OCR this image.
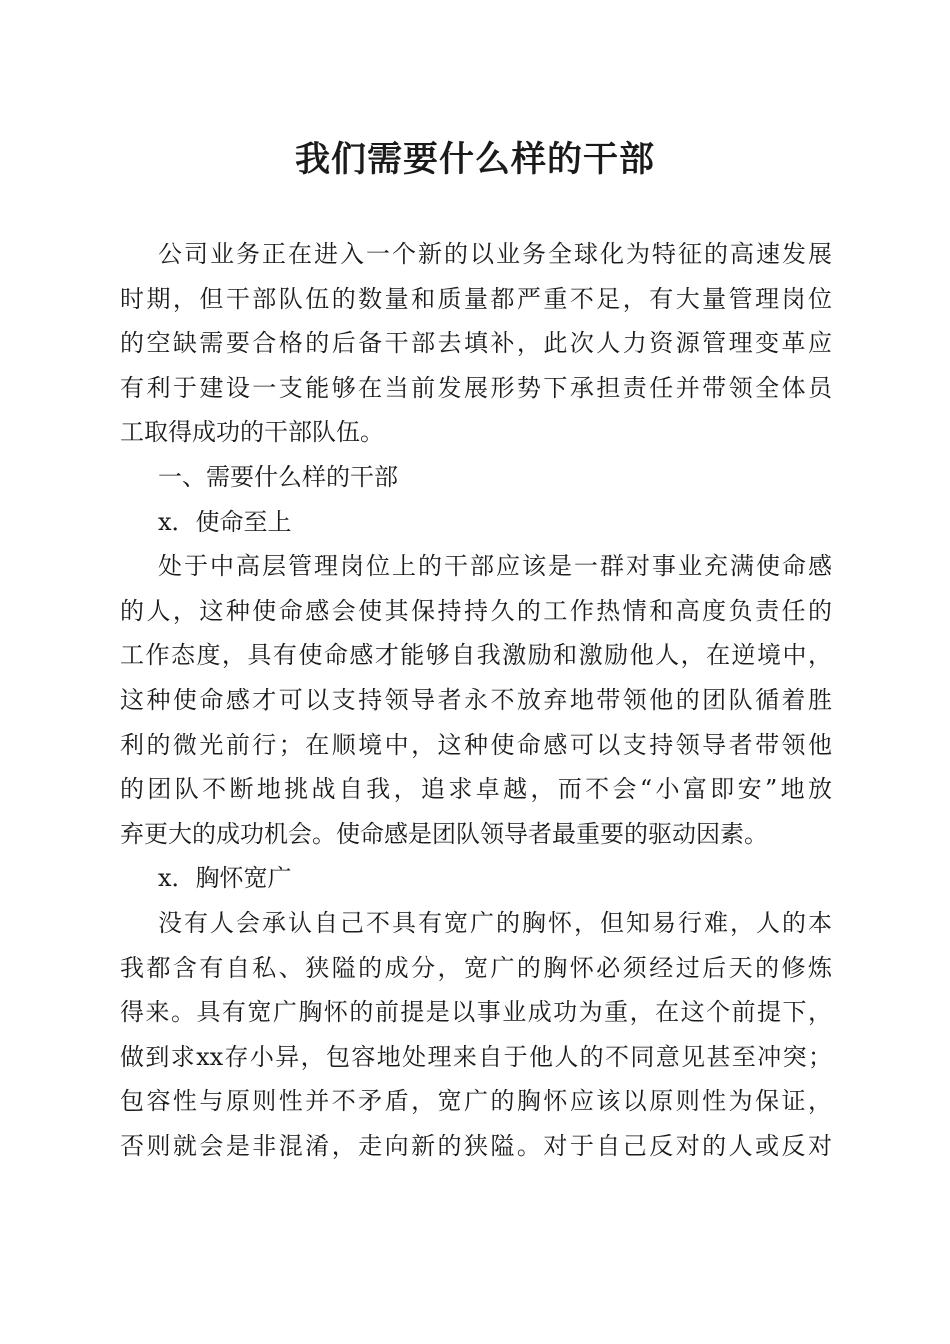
我们需要什么样的干部
公司业务正在进入一个新的以业务全球化为特征的高速发展
时期，但干部队伍的数量和质量都严重不足，有大量管理岗位
的空缺需要合格的后备干部去填补，此次人力资源管理变革应
有利于建设一支能够在当前发展形势下承担责任并带领全体员
工取得成功的干部队伍。
一、需要什么样的干部
x．使命至上
处于中高层管理岗位上的干部应该是一群对事业充满使命感
的人，这种使命感会使其保持持久的工作热情和高度负责任的
工作态度，具有使命感才能够自我激励和激励他人，在逆境中，
这种使命感才可以支持领导者永不放弃地带领他的团队循着胜
利的微光前行；在顺境中，这种使命感可以支持领导者带领他
的团队不断地挑战自我，追求卓越，而不会“小富即安”地放
弃更大的成功机会。使命感是团队领导者最重要的驱动因素。
x．胸怀宽广
没有人会承认自己不具有宽广的胸怀，但知易行难，人的本
我都含有自私、狭隘的成分，宽广的胸怀必须经过后天的修炼
得来。具有宽广胸怀的前提是以事业成功为重，在这个前提下，
做到求xx存小异，包容地处理来自于他人的不同意见甚至冲突；
包容性与原则性并不矛盾，宽广的胸怀应该以原则性为保证，
否则就会是非混淆，走向新的狭隘。对于自己反对的人或反对
